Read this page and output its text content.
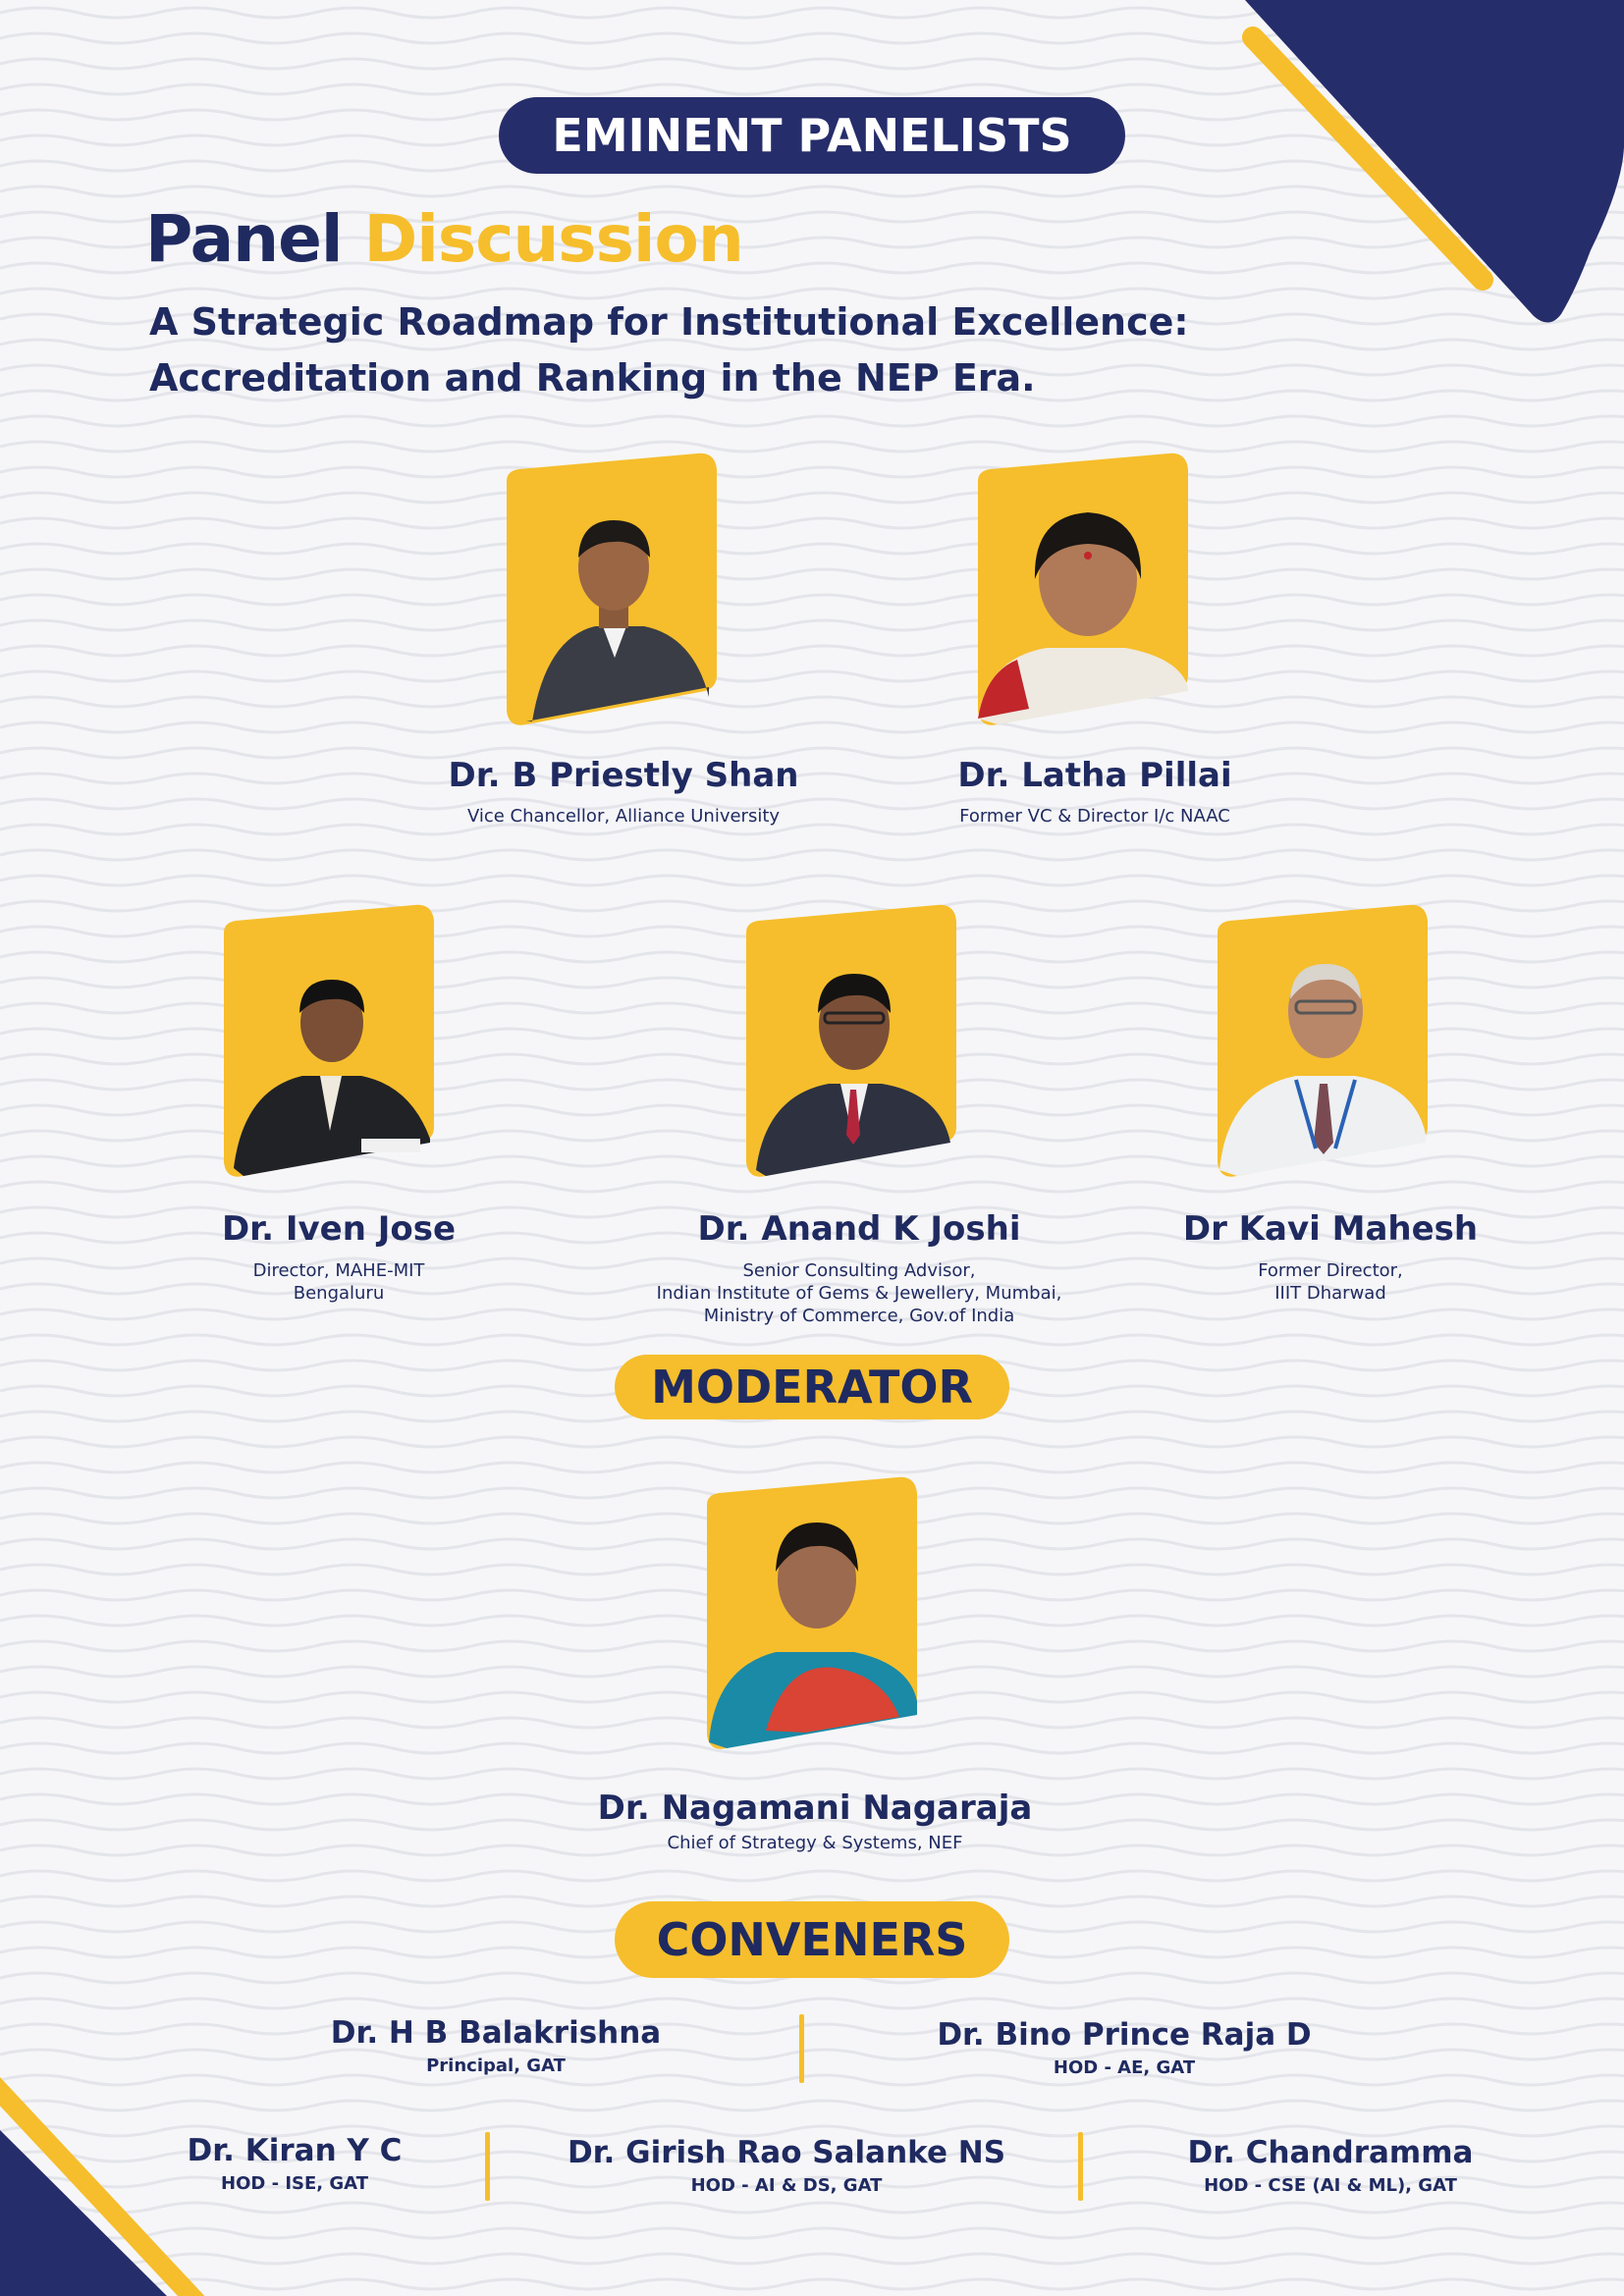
EMINENT PANELISTS
Panel Discussion
A Strategic Roadmap for Institutional Excellence:
Accreditation and Ranking in the NEP Era.
Dr. B Priestly Shan
Vice Chancellor, Alliance University
Dr. Latha Pillai
Former VC & Director I/c NAAC
Dr. Iven Jose
Director, MAHE-MIT
Bengaluru
Dr. Anand K Joshi
Senior Consulting Advisor,
Indian Institute of Gems & Jewellery, Mumbai,
Ministry of Commerce, Gov.of India
Dr Kavi Mahesh
Former Director,
IIIT Dharwad
MODERATOR
Dr. Nagamani Nagaraja
Chief of Strategy & Systems, NEF
CONVENERS
Dr. H B Balakrishna
Principal, GAT
Dr. Bino Prince Raja D
HOD - AE, GAT
Dr. Kiran Y C
HOD - ISE, GAT
Dr. Girish Rao Salanke NS
HOD - AI & DS, GAT
Dr. Chandramma
HOD - CSE (AI & ML), GAT
